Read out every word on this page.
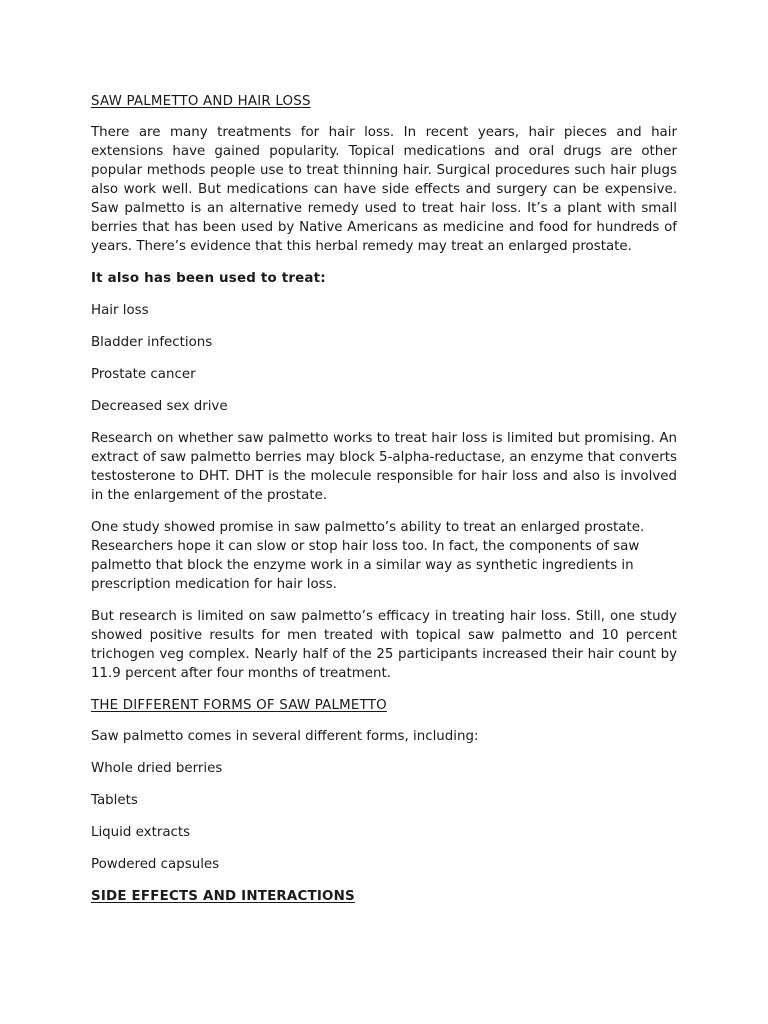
SAW PALMETTO AND HAIR LOSS

There are many treatments for hair loss. In recent years, hair pieces and hair extensions have gained popularity. Topical medications and oral drugs are other popular methods people use to treat thinning hair. Surgical procedures such hair plugs also work well. But medications can have side effects and surgery can be expensive. Saw palmetto is an alternative remedy used to treat hair loss. It’s a plant with small berries that has been used by Native Americans as medicine and food for hundreds of years. There’s evidence that this herbal remedy may treat an enlarged prostate.

It also has been used to treat:
Hair loss
Bladder infections
Prostate cancer
Decreased sex drive

Research on whether saw palmetto works to treat hair loss is limited but promising. An extract of saw palmetto berries may block 5-alpha-reductase, an enzyme that converts testosterone to DHT. DHT is the molecule responsible for hair loss and also is involved in the enlargement of the prostate.

One study showed promise in saw palmetto’s ability to treat an enlarged prostate. Researchers hope it can slow or stop hair loss too. In fact, the components of saw palmetto that block the enzyme work in a similar way as synthetic ingredients in prescription medication for hair loss.

But research is limited on saw palmetto’s efficacy in treating hair loss. Still, one study showed positive results for men treated with topical saw palmetto and 10 percent trichogen veg complex. Nearly half of the 25 participants increased their hair count by 11.9 percent after four months of treatment.

THE DIFFERENT FORMS OF SAW PALMETTO

Saw palmetto comes in several different forms, including:

Whole dried berries
Tablets
Liquid extracts
Powdered capsules
SIDE EFFECTS AND INTERACTIONS
